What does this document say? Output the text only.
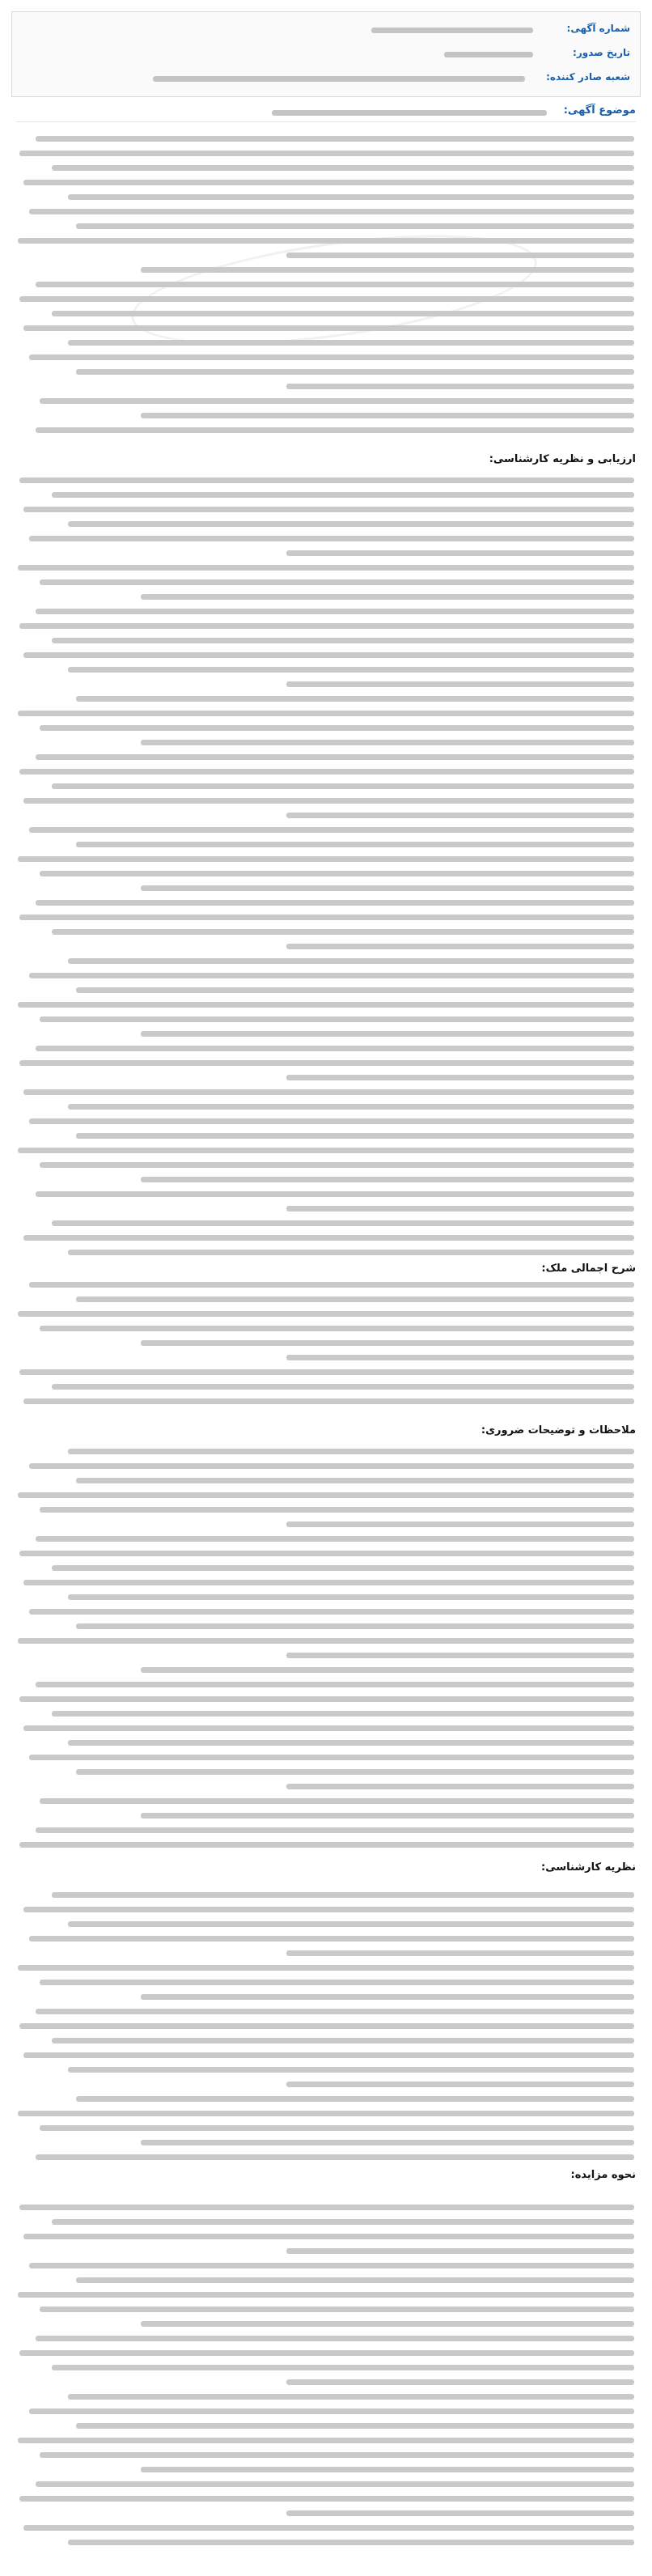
شماره آگهی:
تاریخ صدور:
شعبه صادر کننده:
موضوع آگهی:
ارزیابی و نظریه کارشناسی:
شرح اجمالی ملک:
ملاحظات و توضیحات ضروری:
نظریه کارشناسی:
نحوه مزایده:
